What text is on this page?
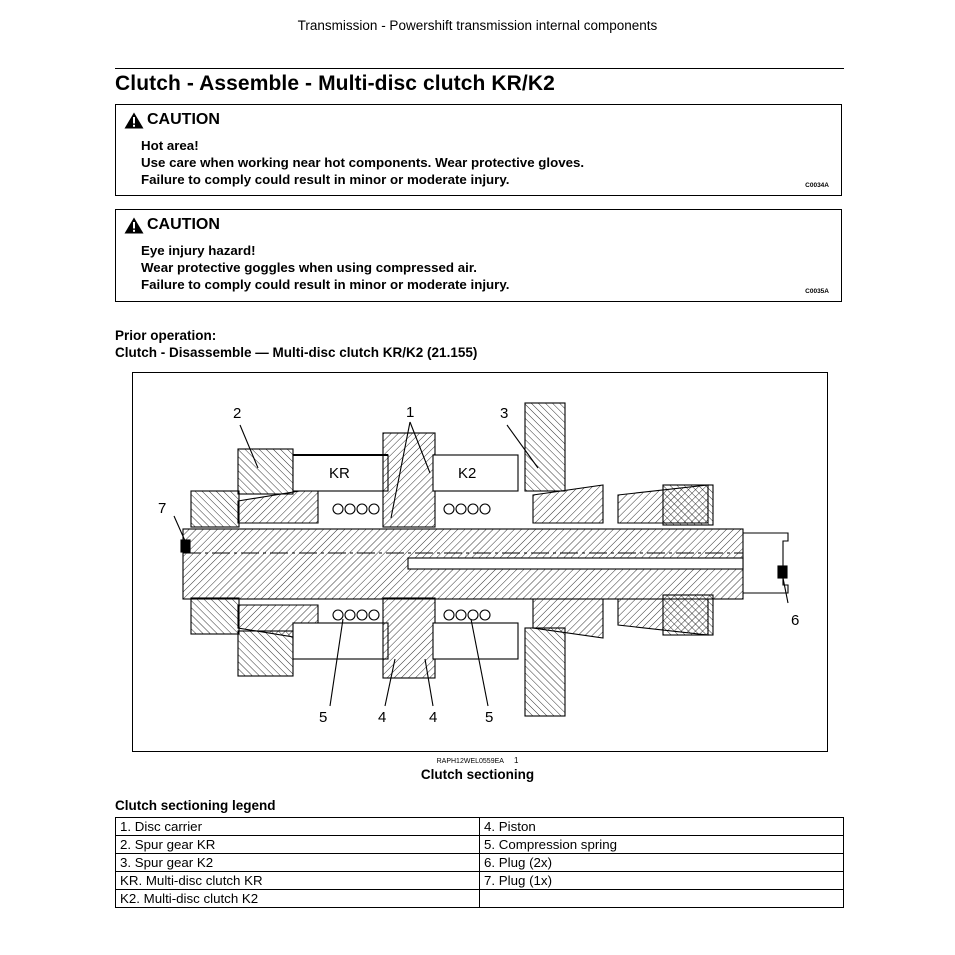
Transmission - Powershift transmission internal components
Clutch - Assemble - Multi-disc clutch KR/K2
CAUTION
Hot area!
Use care when working near hot components. Wear protective gloves.
Failure to comply could result in minor or moderate injury.	C0034A
CAUTION
Eye injury hazard!
Wear protective goggles when using compressed air.
Failure to comply could result in minor or moderate injury.	C0035A
Prior operation:
Clutch - Disassemble — Multi-disc clutch KR/K2 (21.155)
2	1	3
7
6
5	4	4	5
KR	K2
RAPH12WEL0559EA 1
Clutch sectioning
Clutch sectioning legend
1. Disc carrier	4. Piston
2. Spur gear KR	5. Compression spring
3. Spur gear K2	6. Plug (2x)
KR. Multi-disc clutch KR	7. Plug (1x)
K2. Multi-disc clutch K2	
